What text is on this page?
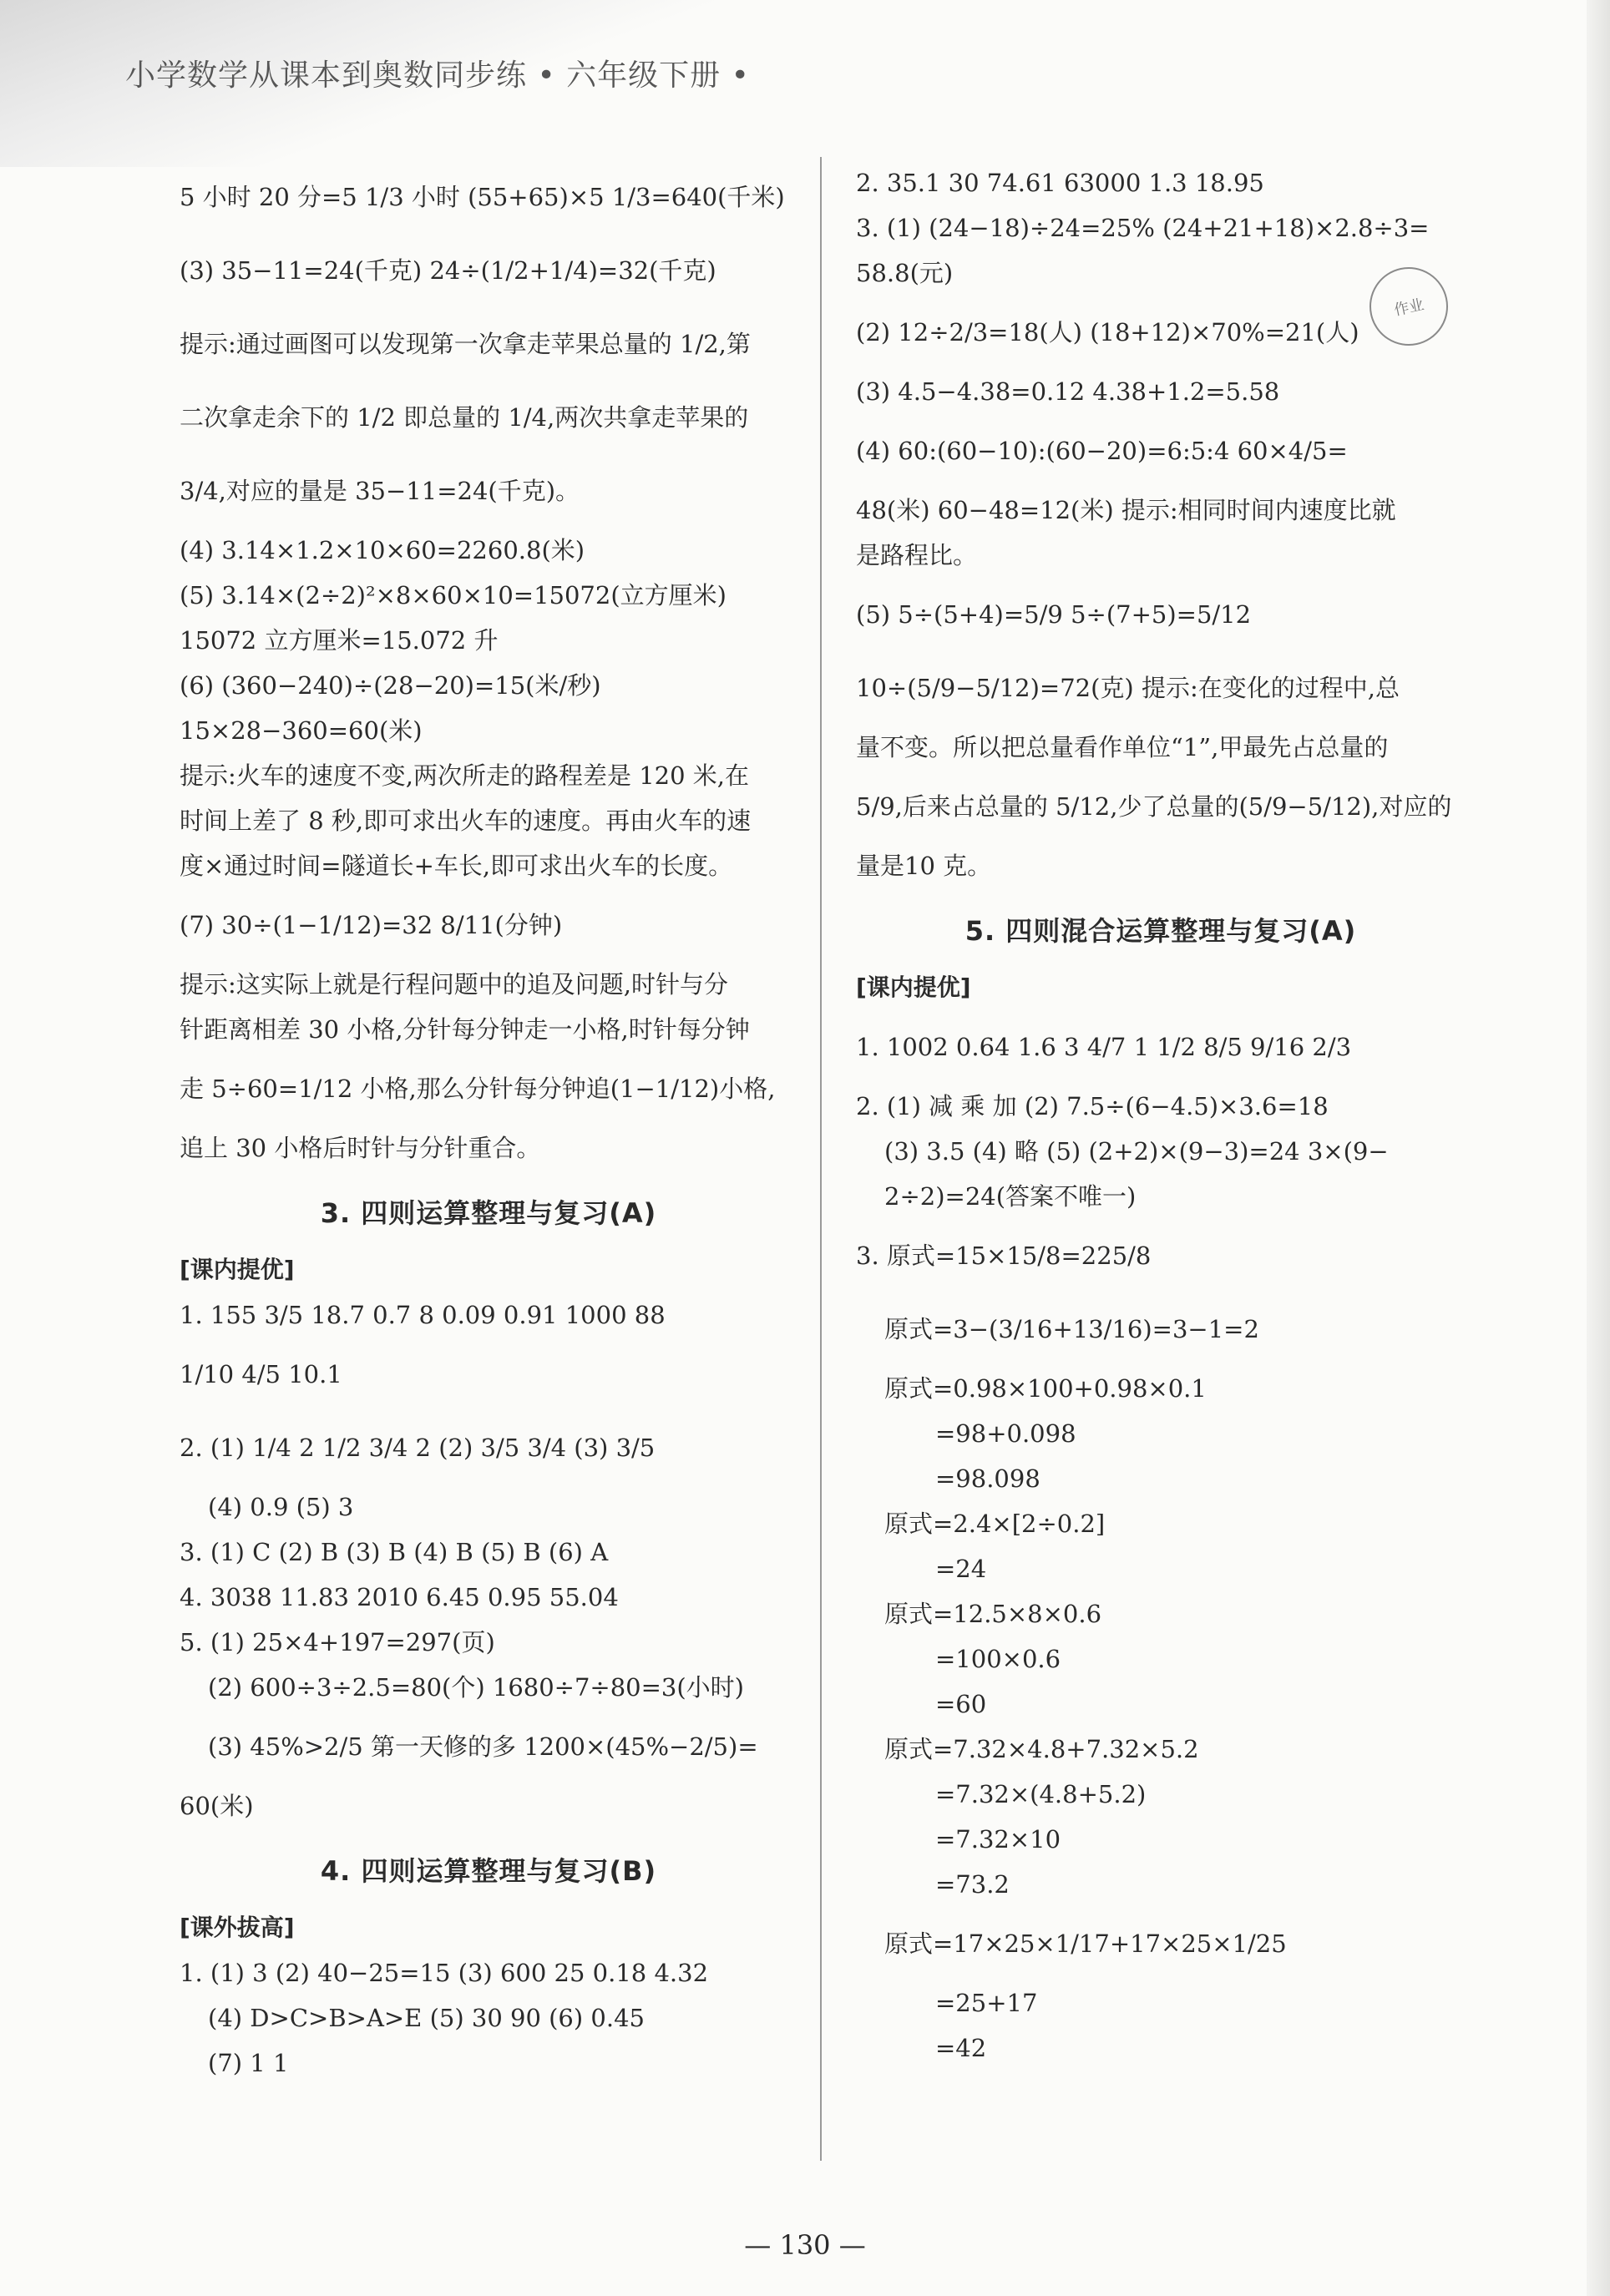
小学数学从课本到奥数同步练 • 六年级下册 •
5 小时 20 分=5 1/3 小时 (55+65)×5 1/3=640(千米)
(3) 35−11=24(千克) 24÷(1/2+1/4)=32(千克)
提示:通过画图可以发现第一次拿走苹果总量的 1/2,第
二次拿走余下的 1/2 即总量的 1/4,两次共拿走苹果的
3/4,对应的量是 35−11=24(千克)。
(4) 3.14×1.2×10×60=2260.8(米)
(5) 3.14×(2÷2)²×8×60×10=15072(立方厘米)
15072 立方厘米=15.072 升
(6) (360−240)÷(28−20)=15(米/秒)
15×28−360=60(米)
提示:火车的速度不变,两次所走的路程差是 120 米,在
时间上差了 8 秒,即可求出火车的速度。再由火车的速
度×通过时间=隧道长+车长,即可求出火车的长度。
(7) 30÷(1−1/12)=32 8/11(分钟)
提示:这实际上就是行程问题中的追及问题,时针与分
针距离相差 30 小格,分针每分钟走一小格,时针每分钟
走 5÷60=1/12 小格,那么分针每分钟追(1−1/12)小格,
追上 30 小格后时针与分针重合。
3. 四则运算整理与复习(A)
[课内提优]
1. 155 3/5 18.7 0.7 8 0.09 0.91 1000 88
1/10 4/5 10.1
2. (1) 1/4 2 1/2 3/4 2 (2) 3/5 3/4 (3) 3/5
(4) 0.9 (5) 3
3. (1) C (2) B (3) B (4) B (5) B (6) A
4. 3038 11.83 2010 6.45 0.95 55.04
5. (1) 25×4+197=297(页)
(2) 600÷3÷2.5=80(个) 1680÷7÷80=3(小时)
(3) 45%>2/5 第一天修的多 1200×(45%−2/5)=
60(米)
4. 四则运算整理与复习(B)
[课外拔高]
1. (1) 3 (2) 40−25=15 (3) 600 25 0.18 4.32
(4) D>C>B>A>E (5) 30 90 (6) 0.45
(7) 1 1
2. 35.1 30 74.61 63000 1.3 18.95
3. (1) (24−18)÷24=25% (24+21+18)×2.8÷3=
58.8(元)
(2) 12÷2/3=18(人) (18+12)×70%=21(人)
(3) 4.5−4.38=0.12 4.38+1.2=5.58
(4) 60:(60−10):(60−20)=6:5:4 60×4/5=
48(米) 60−48=12(米) 提示:相同时间内速度比就
是路程比。
(5) 5÷(5+4)=5/9 5÷(7+5)=5/12
10÷(5/9−5/12)=72(克) 提示:在变化的过程中,总
量不变。所以把总量看作单位“1”,甲最先占总量的
5/9,后来占总量的 5/12,少了总量的(5/9−5/12),对应的
量是10 克。
5. 四则混合运算整理与复习(A)
[课内提优]
1. 1002 0.64 1.6 3 4/7 1 1/2 8/5 9/16 2/3
2. (1) 减 乘 加 (2) 7.5÷(6−4.5)×3.6=18
(3) 3.5 (4) 略 (5) (2+2)×(9−3)=24 3×(9−
2÷2)=24(答案不唯一)
3. 原式=15×15/8=225/8
原式=3−(3/16+13/16)=3−1=2
原式=0.98×100+0.98×0.1
=98+0.098
=98.098
原式=2.4×[2÷0.2]
=24
原式=12.5×8×0.6
=100×0.6
=60
原式=7.32×4.8+7.32×5.2
=7.32×(4.8+5.2)
=7.32×10
=73.2
原式=17×25×1/17+17×25×1/25
=25+17
=42
作业
— 130 —
